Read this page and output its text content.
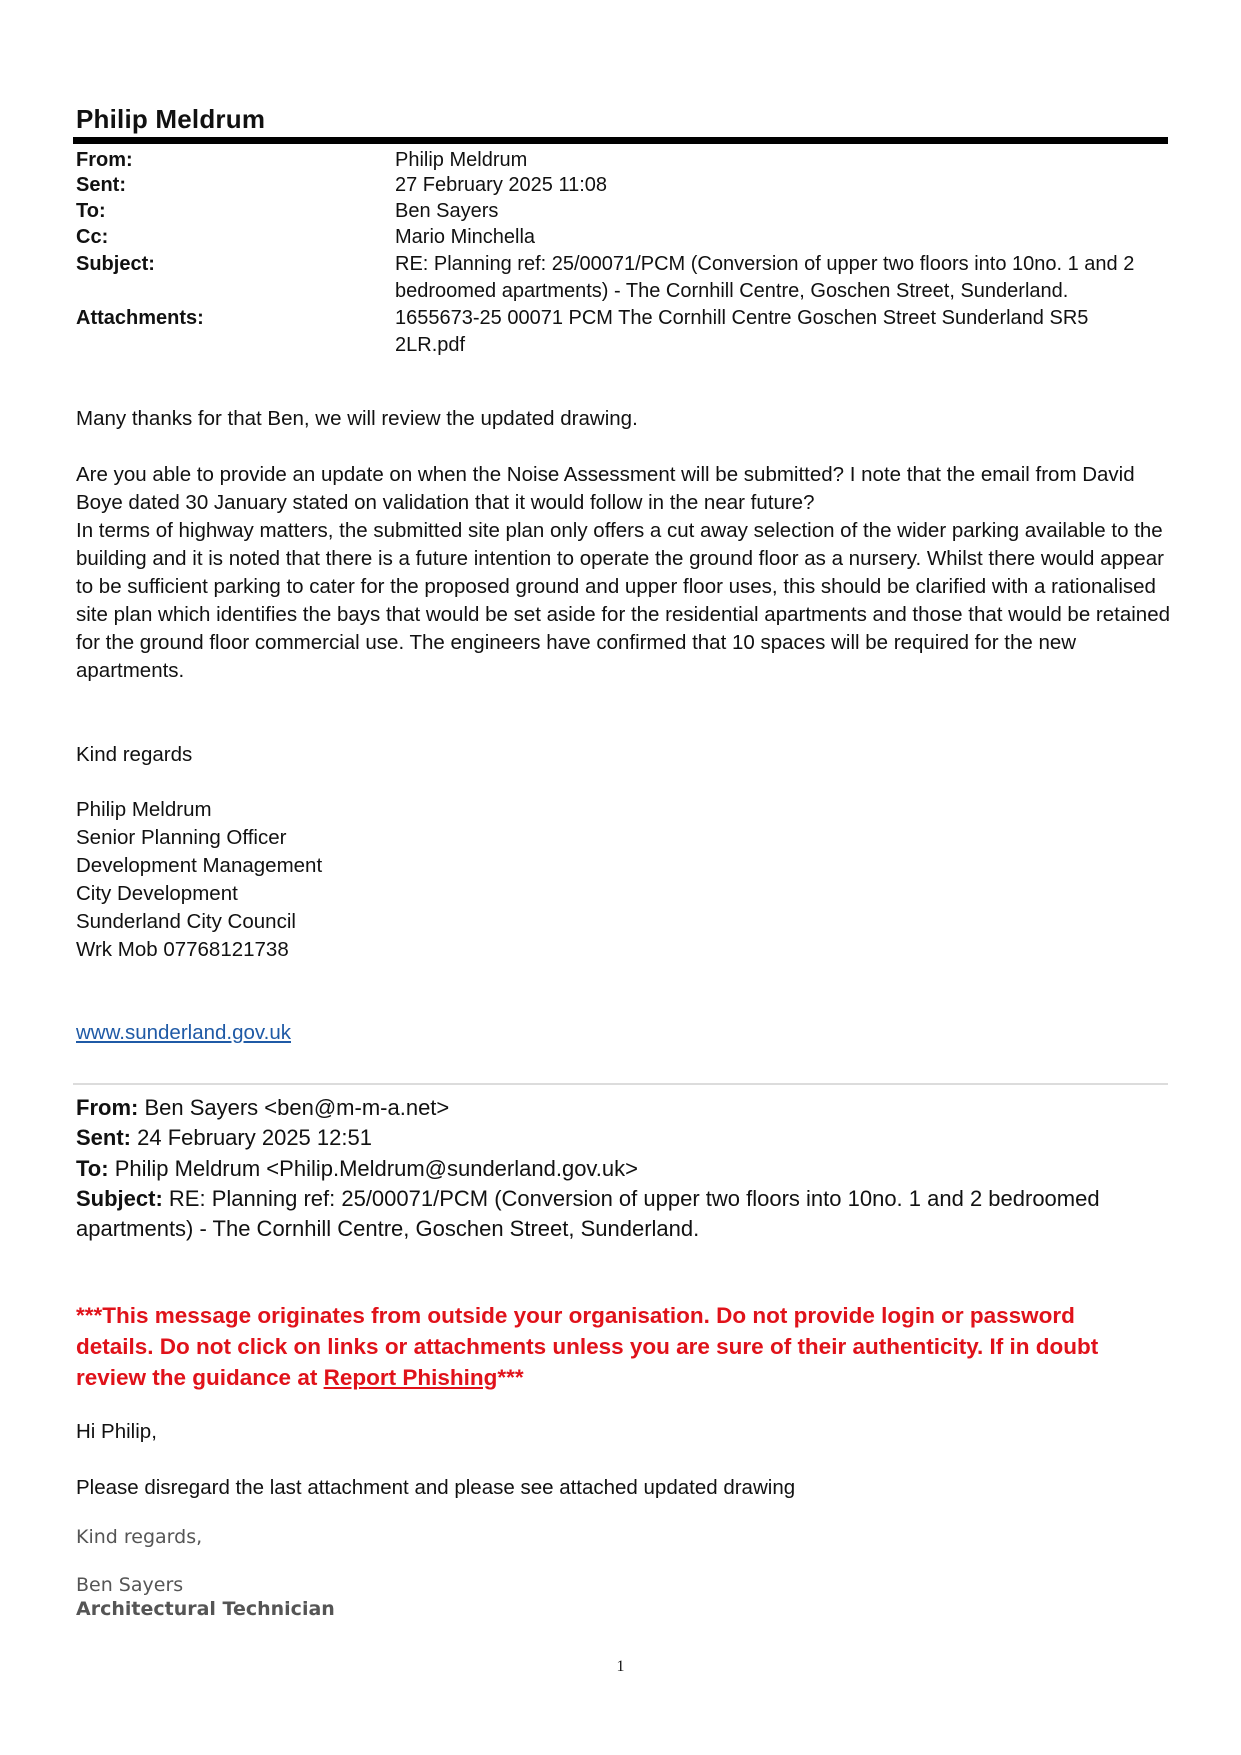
Philip Meldrum
From:	Philip Meldrum
Sent:	27 February 2025 11:08
To:	Ben Sayers
Cc:	Mario Minchella
Subject:	RE: Planning ref: 25/00071/PCM (Conversion of upper two floors into 10no. 1 and 2
bedroomed apartments) - The Cornhill Centre, Goschen Street, Sunderland.
Attachments:	1655673-25 00071 PCM The Cornhill Centre Goschen Street Sunderland SR5
2LR.pdf
Many thanks for that Ben, we will review the updated drawing.
Are you able to provide an update on when the Noise Assessment will be submitted? I note that the email from David Boye dated 30 January stated on validation that it would follow in the near future?
In terms of highway matters, the submitted site plan only offers a cut away selection of the wider parking available to the building and it is noted that there is a future intention to operate the ground floor as a nursery. Whilst there would appear to be sufficient parking to cater for the proposed ground and upper floor uses, this should be clarified with a rationalised site plan which identifies the bays that would be set aside for the residential apartments and those that would be retained for the ground floor commercial use. The engineers have confirmed that 10 spaces will be required for the new apartments.
Kind regards
Philip Meldrum
Senior Planning Officer
Development Management
City Development
Sunderland City Council
Wrk Mob 07768121738
www.sunderland.gov.uk
From: Ben Sayers <ben@m-m-a.net>
Sent: 24 February 2025 12:51
To: Philip Meldrum <Philip.Meldrum@sunderland.gov.uk>
Subject: RE: Planning ref: 25/00071/PCM (Conversion of upper two floors into 10no. 1 and 2 bedroomed
apartments) - The Cornhill Centre, Goschen Street, Sunderland.
***This message originates from outside your organisation. Do not provide login or password
details. Do not click on links or attachments unless you are sure of their authenticity. If in doubt
review the guidance at Report Phishing***
Hi Philip,
Please disregard the last attachment and please see attached updated drawing
Kind regards,
Ben Sayers
Architectural Technician
1
